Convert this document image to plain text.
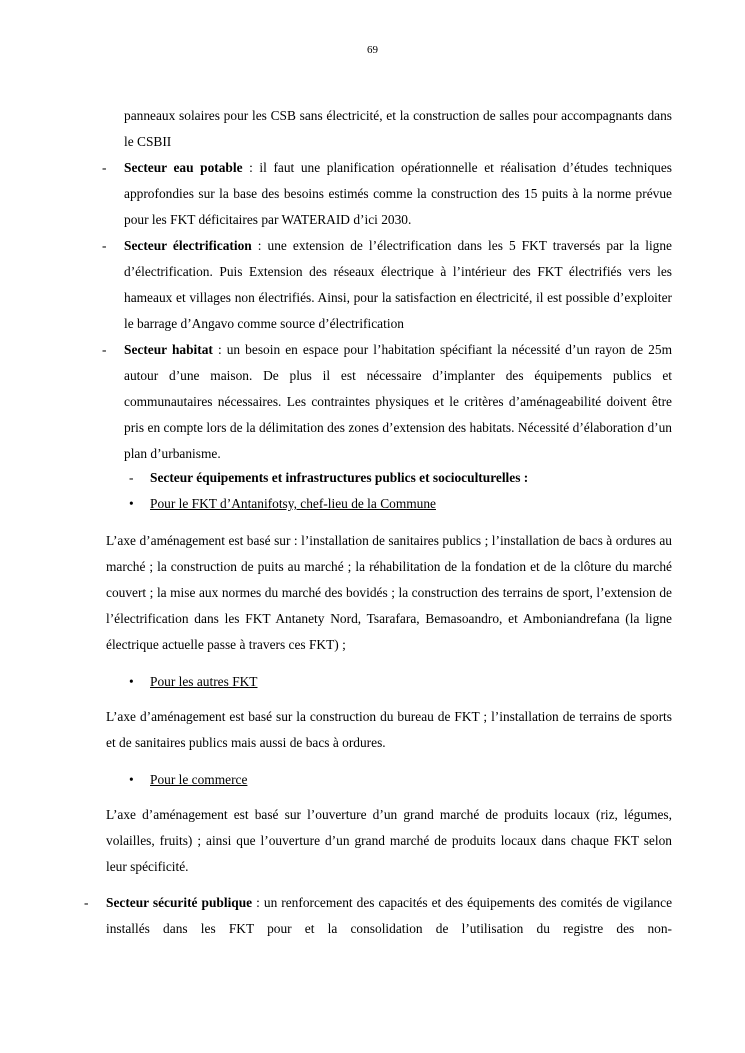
69

panneaux solaires pour les CSB sans électricité, et la construction de salles pour accompagnants dans le CSBII

- Secteur eau potable : il faut une planification opérationnelle et réalisation d’études techniques approfondies sur la base des besoins estimés comme la construction des 15 puits à la norme prévue pour les FKT déficitaires par WATERAID d’ici 2030.

- Secteur électrification : une extension de l’électrification dans les 5 FKT traversés par la ligne d’électrification. Puis Extension des réseaux électrique à l’intérieur des FKT électrifiés vers les hameaux et villages non électrifiés. Ainsi, pour la satisfaction en électricité, il est possible d’exploiter le barrage d’Angavo comme source d’électrification

- Secteur habitat : un besoin en espace pour l’habitation spécifiant la nécessité d’un rayon de 25m autour d’une maison. De plus il est nécessaire d’implanter des équipements publics et communautaires nécessaires. Les contraintes physiques et le critères d’aménageabilité doivent être pris en compte lors de la délimitation des zones d’extension des habitats. Nécessité d’élaboration d’un plan d’urbanisme.

- Secteur équipements et infrastructures publics et socioculturelles :
• Pour le FKT d’Antanifotsy, chef-lieu de la Commune

L’axe d’aménagement est basé sur : l’installation de sanitaires publics ; l’installation de bacs à ordures au marché ; la construction de puits au marché ; la réhabilitation de la fondation et de la clôture du marché couvert ; la mise aux normes du marché des bovidés ; la construction des terrains de sport, l’extension de l’électrification dans les FKT Antanety Nord, Tsarafara, Bemasoandro, et Amboniandrefana (la ligne électrique actuelle passe à travers ces FKT) ;

• Pour les autres FKT

L’axe d’aménagement est basé sur la construction du bureau de FKT ; l’installation de terrains de sports et de sanitaires publics mais aussi de bacs à ordures.

• Pour le commerce

L’axe d’aménagement est basé sur l’ouverture d’un grand marché de produits locaux (riz, légumes, volailles, fruits) ; ainsi que l’ouverture d’un grand marché de produits locaux dans chaque FKT selon leur spécificité.

- Secteur sécurité publique : un renforcement des capacités et des équipements des comités de vigilance installés dans les FKT pour et la consolidation de l’utilisation du registre des non-
